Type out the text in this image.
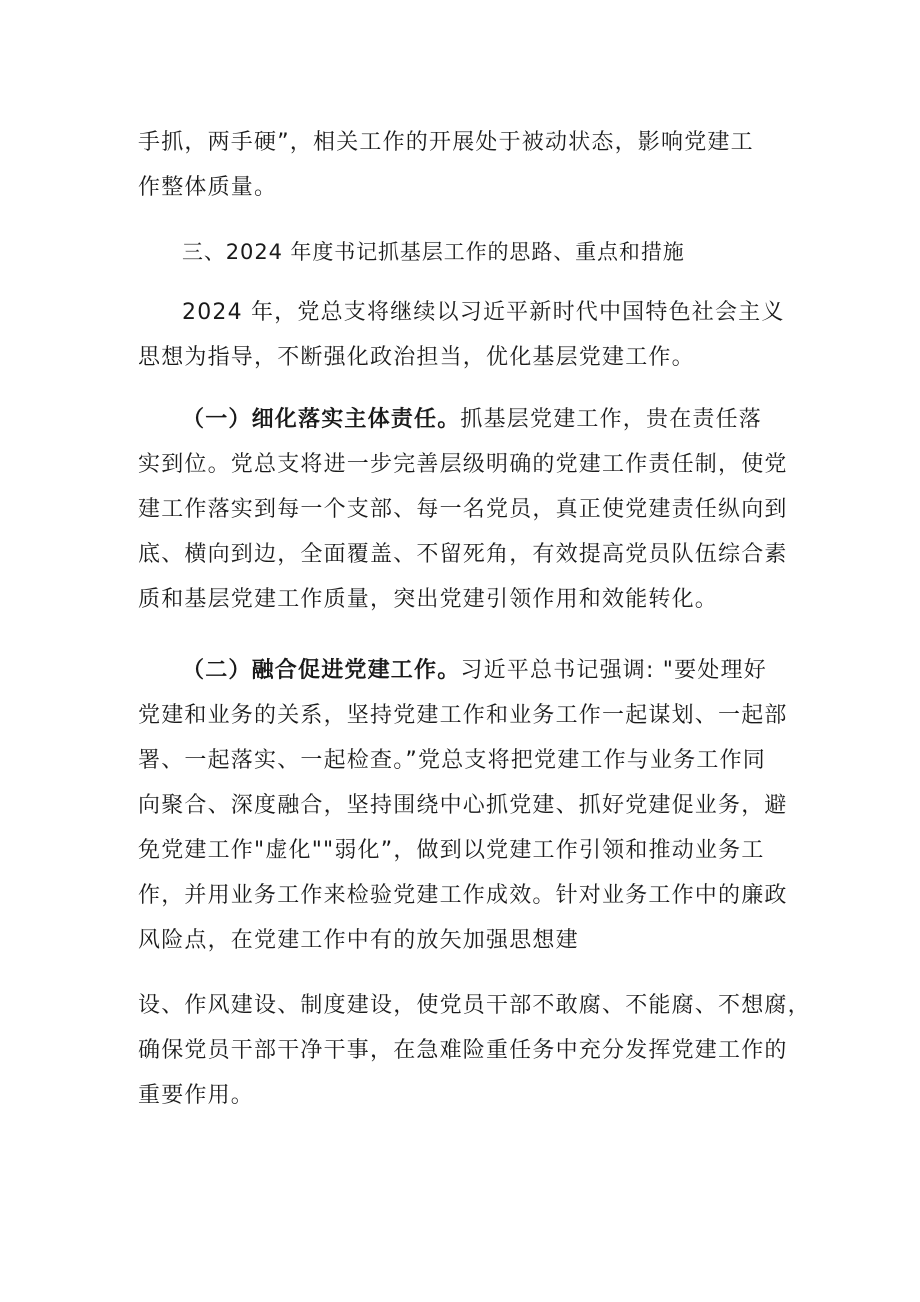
手抓，两手硬”，相关工作的开展处于被动状态，影响党建工
作整体质量。
三、2024 年度书记抓基层工作的思路、重点和措施
2024 年，党总支将继续以习近平新时代中国特色社会主义
思想为指导，不断强化政治担当，优化基层党建工作。
（一）细化落实主体责任。抓基层党建工作，贵在责任落
实到位。党总支将进一步完善层级明确的党建工作责任制，使党
建工作落实到每一个支部、每一名党员，真正使党建责任纵向到
底、横向到边，全面覆盖、不留死角，有效提高党员队伍综合素
质和基层党建工作质量，突出党建引领作用和效能转化。
（二）融合促进党建工作。习近平总书记强调: "要处理好
党建和业务的关系，坚持党建工作和业务工作一起谋划、一起部
署、一起落实、一起检查。”党总支将把党建工作与业务工作同
向聚合、深度融合，坚持围绕中心抓党建、抓好党建促业务，避
免党建工作"虚化""弱化”，做到以党建工作引领和推动业务工
作，并用业务工作来检验党建工作成效。针对业务工作中的廉政
风险点，在党建工作中有的放矢加强思想建
设、作风建设、制度建设，使党员干部不敢腐、不能腐、不想腐，
确保党员干部干净干事，在急难险重任务中充分发挥党建工作的
重要作用。
